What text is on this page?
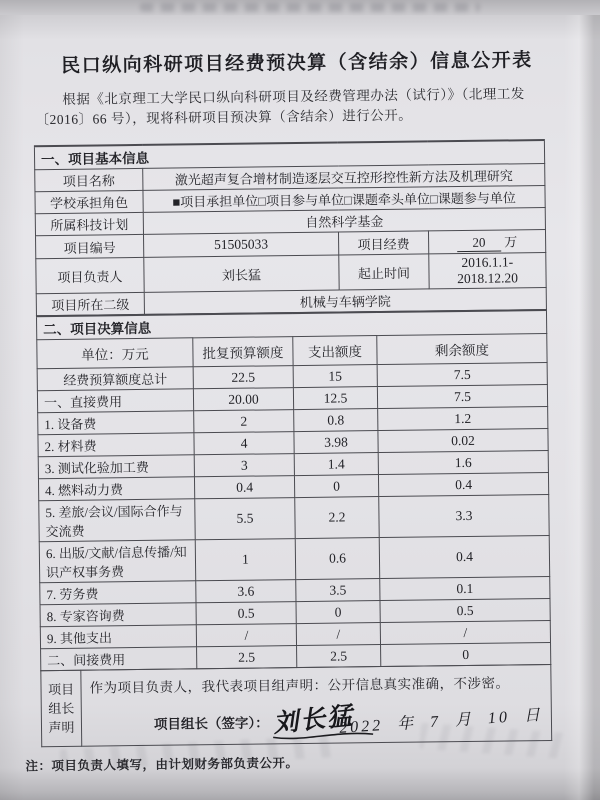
民口纵向科研项目经费预决算（含结余）信息公开表

根据《北京理工大学民口纵向科研项目及经费管理办法（试行）》（北理工发〔2016〕66 号），现将科研项目预决算（含结余）进行公开。

一、项目基本信息			
项目名称	激光超声复合增材制造逐层交互控形控性新方法及机理研究		
学校承担角色	■项目承担单位□项目参与单位□课题牵头单位□课题参与单位		
所属科技计划	自然科学基金		
项目编号	51505033	项目经费	20 万
项目负责人	刘长猛	起止时间	2016.1.1-2018.12.20
项目所在二级	机械与车辆学院		
二、项目决算信息			
单位：万元	批复预算额度	支出额度	剩余额度
经费预算额度总计	22.5	15	7.5
一、直接费用	20.00	12.5	7.5
1. 设备费	2	0.8	1.2
2. 材料费	4	3.98	0.02
3. 测试化验加工费	3	1.4	1.6
4. 燃料动力费	0.4	0	0.4
5. 差旅/会议/国际合作与交流费	5.5	2.2	3.3
6. 出版/文献/信息传播/知识产权事务费	1	0.6	0.4
7. 劳务费	3.6	3.5	0.1
8. 专家咨询费	0.5	0	0.5
9. 其他支出	/	/	/
二、间接费用	2.5	2.5	0
项目
组长
声明

作为项目负责人，我代表项目组声明：公开信息真实准确，不涉密。
项目组长（签字）： 刘长猛
2022 年 7 月 10 日

注：项目负责人填写，由计划财务部负责公开。
